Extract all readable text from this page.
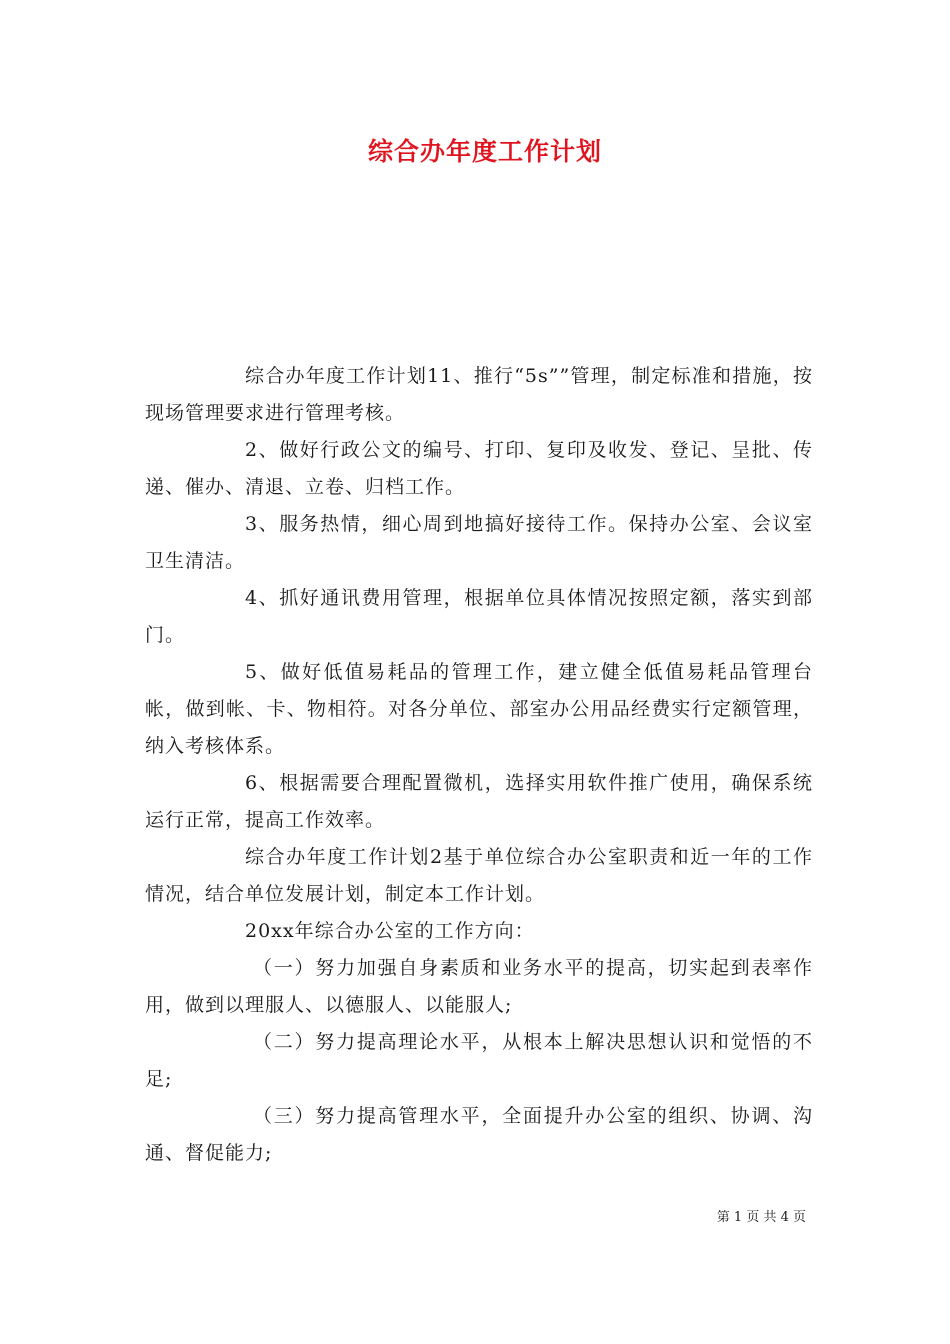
综合办年度工作计划

综合办年度工作计划11、推行“5s””管理，制定标准和措施，按现场管理要求进行管理考核。

2、做好行政公文的编号、打印、复印及收发、登记、呈批、传递、催办、清退、立卷、归档工作。

3、服务热情，细心周到地搞好接待工作。保持办公室、会议室卫生清洁。

4、抓好通讯费用管理，根据单位具体情况按照定额，落实到部门。

5、做好低值易耗品的管理工作，建立健全低值易耗品管理台帐，做到帐、卡、物相符。对各分单位、部室办公用品经费实行定额管理，纳入考核体系。

6、根据需要合理配置微机，选择实用软件推广使用，确保系统运行正常，提高工作效率。

综合办年度工作计划2基于单位综合办公室职责和近一年的工作情况，结合单位发展计划，制定本工作计划。

20xx年综合办公室的工作方向：

（一）努力加强自身素质和业务水平的提高，切实起到表率作用，做到以理服人、以德服人、以能服人;

（二）努力提高理论水平，从根本上解决思想认识和觉悟的不足;

（三）努力提高管理水平，全面提升办公室的组织、协调、沟通、督促能力;

第 1 页 共 4 页
